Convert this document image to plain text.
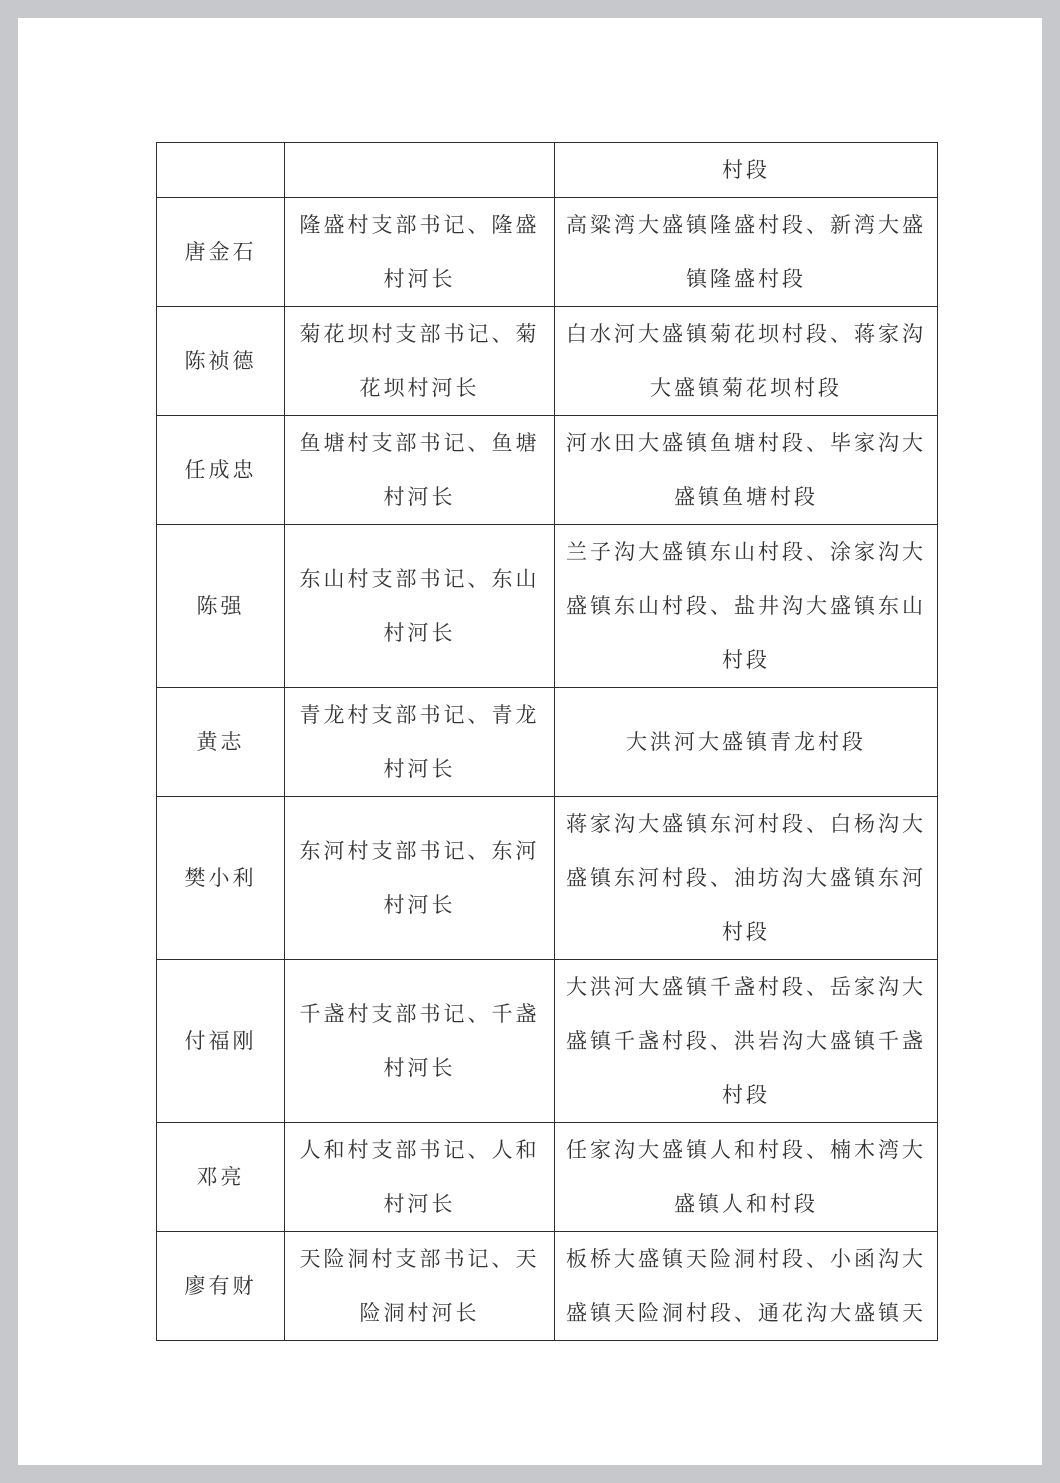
		村段
唐金石	隆盛村支部书记、隆盛村河长	高粱湾大盛镇隆盛村段、新湾大盛镇隆盛村段
陈祯德	菊花坝村支部书记、菊花坝村河长	白水河大盛镇菊花坝村段、蒋家沟大盛镇菊花坝村段
任成忠	鱼塘村支部书记、鱼塘村河长	河水田大盛镇鱼塘村段、毕家沟大盛镇鱼塘村段
陈强	东山村支部书记、东山村河长	兰子沟大盛镇东山村段、涂家沟大盛镇东山村段、盐井沟大盛镇东山村段
黄志	青龙村支部书记、青龙村河长	大洪河大盛镇青龙村段
樊小利	东河村支部书记、东河村河长	蒋家沟大盛镇东河村段、白杨沟大盛镇东河村段、油坊沟大盛镇东河村段
付福刚	千盏村支部书记、千盏村河长	大洪河大盛镇千盏村段、岳家沟大盛镇千盏村段、洪岩沟大盛镇千盏村段
邓亮	人和村支部书记、人和村河长	任家沟大盛镇人和村段、楠木湾大盛镇人和村段
廖有财	天险洞村支部书记、天险洞村河长	板桥大盛镇天险洞村段、小函沟大盛镇天险洞村段、通花沟大盛镇天
